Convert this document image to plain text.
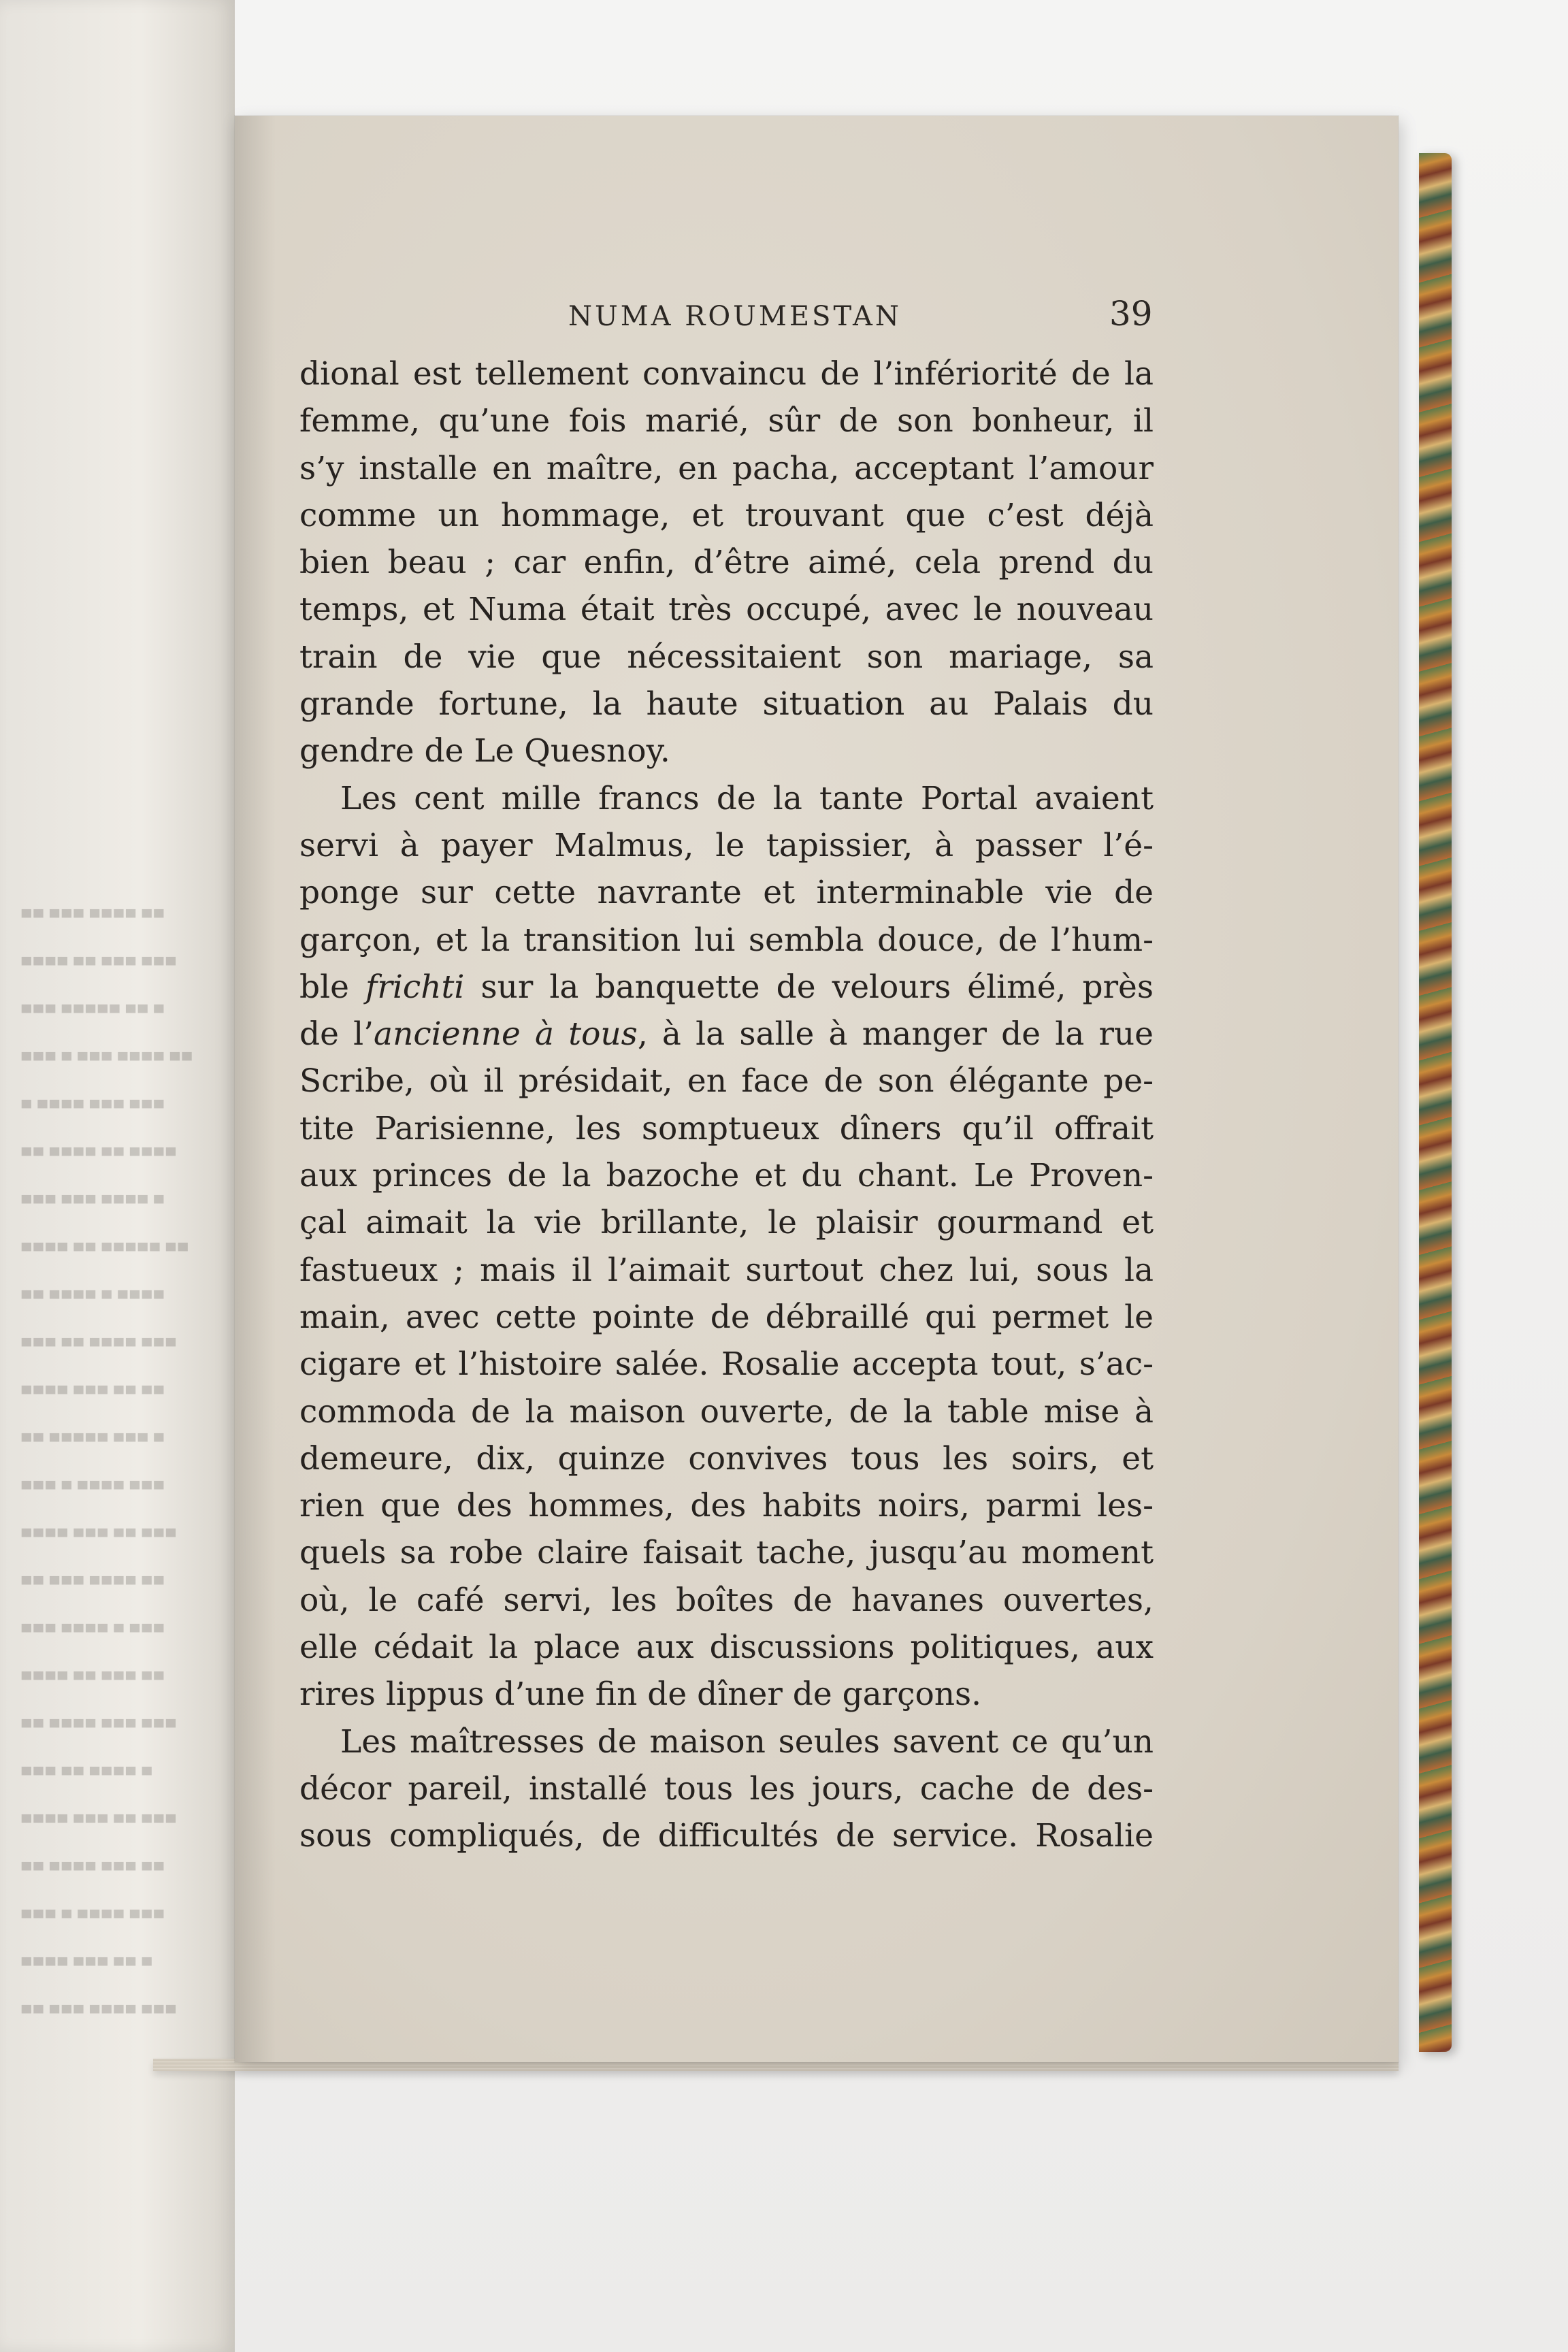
▬▬ ▬▬▬ ▬▬▬▬ ▬▬
▬▬▬▬ ▬▬ ▬▬▬ ▬▬▬
▬▬▬ ▬▬▬▬▬ ▬▬ ▬
▬▬▬ ▬ ▬▬▬ ▬▬▬▬ ▬▬
▬ ▬▬▬▬ ▬▬▬ ▬▬▬
▬▬ ▬▬▬▬ ▬▬ ▬▬▬▬
▬▬▬ ▬▬▬ ▬▬▬▬ ▬
▬▬▬▬ ▬▬ ▬▬▬▬▬ ▬▬
▬▬ ▬▬▬▬ ▬ ▬▬▬▬
▬▬▬ ▬▬ ▬▬▬▬ ▬▬▬
▬▬▬▬ ▬▬▬ ▬▬ ▬▬
▬▬ ▬▬▬▬▬ ▬▬▬ ▬
▬▬▬ ▬ ▬▬▬▬ ▬▬▬
▬▬▬▬ ▬▬▬ ▬▬ ▬▬▬
▬▬ ▬▬▬ ▬▬▬▬ ▬▬
▬▬▬ ▬▬▬▬ ▬ ▬▬▬
▬▬▬▬ ▬▬ ▬▬▬ ▬▬
▬▬ ▬▬▬▬ ▬▬▬ ▬▬▬
▬▬▬ ▬▬ ▬▬▬▬ ▬
▬▬▬▬ ▬▬▬ ▬▬ ▬▬▬
▬▬ ▬▬▬▬ ▬▬▬ ▬▬
▬▬▬ ▬ ▬▬▬▬ ▬▬▬
▬▬▬▬ ▬▬▬ ▬▬ ▬
▬▬ ▬▬▬ ▬▬▬▬ ▬▬▬
NUMA ROUMESTAN	39
dional est tellement convaincu de l’infériorité de la
femme, qu’une fois marié, sûr de son bonheur, il
s’y installe en maître, en pacha, acceptant l’amour
comme un hommage, et trouvant que c’est déjà
bien beau ; car enfin, d’être aimé, cela prend du
temps, et Numa était très occupé, avec le nouveau
train de vie que nécessitaient son mariage, sa
grande fortune, la haute situation au Palais du
gendre de Le Quesnoy.
Les cent mille francs de la tante Portal avaient
servi à payer Malmus, le tapissier, à passer l’é-
ponge sur cette navrante et interminable vie de
garçon, et la transition lui sembla douce, de l’hum-
ble frichti sur la banquette de velours élimé, près
de l’ancienne à tous, à la salle à manger de la rue
Scribe, où il présidait, en face de son élégante pe-
tite Parisienne, les somptueux dîners qu’il offrait
aux princes de la bazoche et du chant. Le Proven-
çal aimait la vie brillante, le plaisir gourmand et
fastueux ; mais il l’aimait surtout chez lui, sous la
main, avec cette pointe de débraillé qui permet le
cigare et l’histoire salée. Rosalie accepta tout, s’ac-
commoda de la maison ouverte, de la table mise à
demeure, dix, quinze convives tous les soirs, et
rien que des hommes, des habits noirs, parmi les-
quels sa robe claire faisait tache, jusqu’au moment
où, le café servi, les boîtes de havanes ouvertes,
elle cédait la place aux discussions politiques, aux
rires lippus d’une fin de dîner de garçons.
Les maîtresses de maison seules savent ce qu’un
décor pareil, installé tous les jours, cache de des-
sous compliqués, de difficultés de service. Rosalie
